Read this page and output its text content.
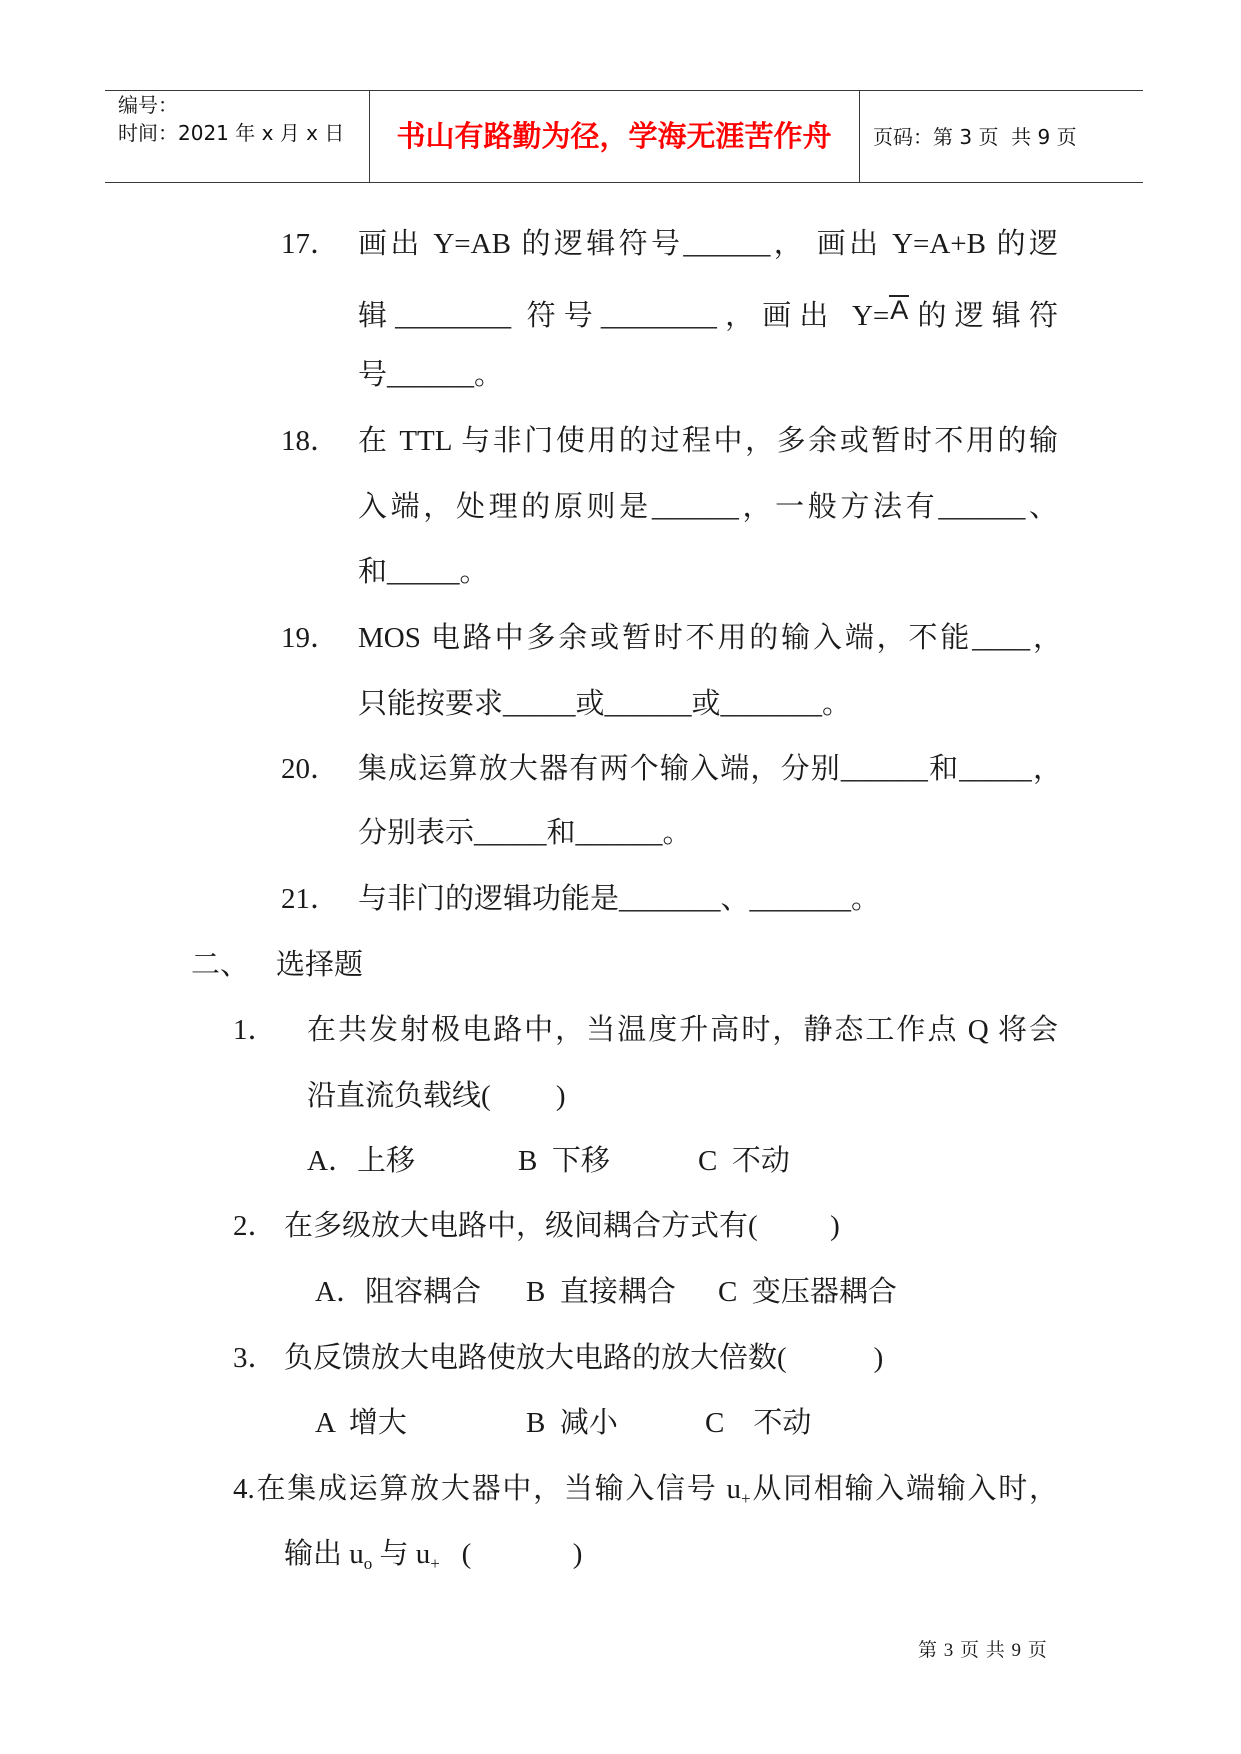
编号：
时间：2021 年 x 月 x 日	书山有路勤为径，学海无涯苦作舟	页码：第 3 页  共 9 页
17． 画出 Y=AB 的逻辑符号______， 画出 Y=A+B 的逻
辑________ 符号________，画出 Y=A的逻辑符
号______。
18． 在 TTL 与非门使用的过程中，多余或暂时不用的输
入端，处理的原则是______，一般方法有______、
和_____。
19． MOS 电路中多余或暂时不用的输入端，不能____，
只能按要求_____或______或_______。
20． 集成运算放大器有两个输入端，分别______和_____，
分别表示_____和______。
21． 与非门的逻辑功能是_______、_______。
二、 选择题
1． 在共发射极电路中，当温度升高时，静态工作点 Q 将会
沿直流负载线(         )
A．上移	B  下移	C  不动
2． 在多级放大电路中，级间耦合方式有(          )
A．阻容耦合 B  直接耦合 C  变压器耦合
3． 负反馈放大电路使放大电路的放大倍数(            )
A  增大	B  减小	C    不动
4.在集成运算放大器中，当输入信号 $u_+$从同相输入端输入时，
输出 $u_o$ 与 $u_+$   (              )
第 3 页 共 9 页
